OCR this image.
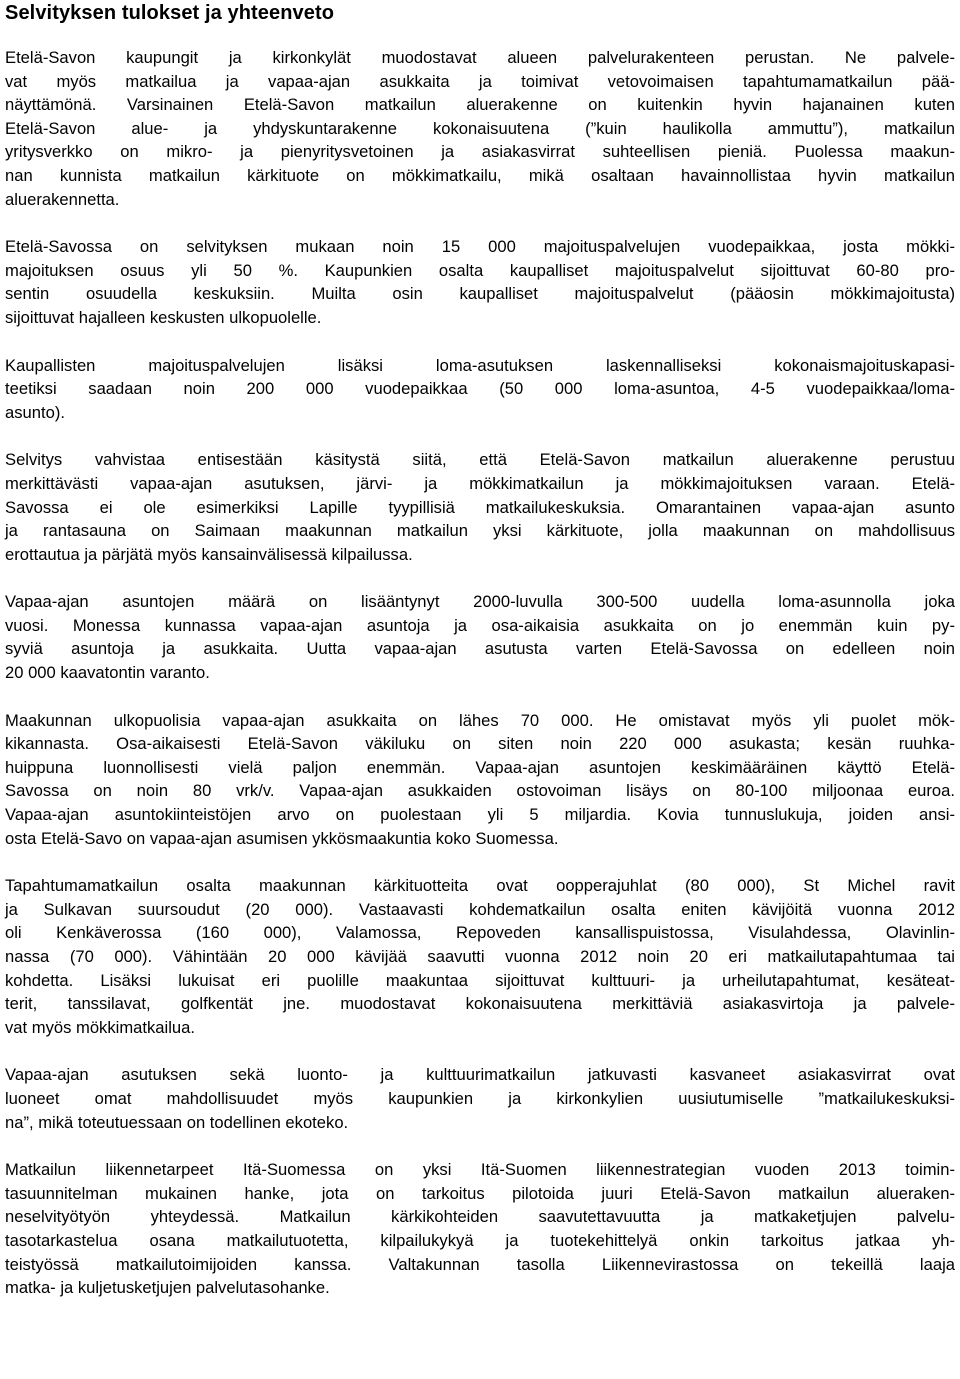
Selvityksen tulokset ja yhteenveto
Etelä-Savon kaupungit ja kirkonkylät muodostavat alueen palvelurakenteen perustan. Ne palvele-
vat myös matkailua ja vapaa-ajan asukkaita ja toimivat vetovoimaisen tapahtumamatkailun pää-
näyttämönä. Varsinainen Etelä-Savon matkailun aluerakenne on kuitenkin hyvin hajanainen kuten
Etelä-Savon alue- ja yhdyskuntarakenne kokonaisuutena (”kuin haulikolla ammuttu”), matkailun
yritysverkko on mikro- ja pienyritysvetoinen ja asiakasvirrat suhteellisen pieniä. Puolessa maakun-
nan kunnista matkailun kärkituote on mökkimatkailu, mikä osaltaan havainnollistaa hyvin matkailun
aluerakennetta.
Etelä-Savossa on selvityksen mukaan noin 15 000 majoituspalvelujen vuodepaikkaa, josta mökki-
majoituksen osuus yli 50 %. Kaupunkien osalta kaupalliset majoituspalvelut sijoittuvat 60-80 pro-
sentin osuudella keskuksiin. Muilta osin kaupalliset majoituspalvelut (pääosin mökkimajoitusta)
sijoittuvat hajalleen keskusten ulkopuolelle.
Kaupallisten majoituspalvelujen lisäksi loma-asutuksen laskennalliseksi kokonaismajoituskapasi-
teetiksi saadaan noin 200 000 vuodepaikkaa (50 000 loma-asuntoa, 4-5 vuodepaikkaa/loma-
asunto).
Selvitys vahvistaa entisestään käsitystä siitä, että Etelä-Savon matkailun aluerakenne perustuu
merkittävästi vapaa-ajan asutuksen, järvi- ja mökkimatkailun ja mökkimajoituksen varaan. Etelä-
Savossa ei ole esimerkiksi Lapille tyypillisiä matkailukeskuksia. Omarantainen vapaa-ajan asunto
ja rantasauna on Saimaan maakunnan matkailun yksi kärkituote, jolla maakunnan on mahdollisuus
erottautua ja pärjätä myös kansainvälisessä kilpailussa.
Vapaa-ajan asuntojen määrä on lisääntynyt 2000-luvulla 300-500 uudella loma-asunnolla joka
vuosi. Monessa kunnassa vapaa-ajan asuntoja ja osa-aikaisia asukkaita on jo enemmän kuin py-
syviä asuntoja ja asukkaita. Uutta vapaa-ajan asutusta varten Etelä-Savossa on edelleen noin
20 000 kaavatontin varanto.
Maakunnan ulkopuolisia vapaa-ajan asukkaita on lähes 70 000. He omistavat myös yli puolet mök-
kikannasta. Osa-aikaisesti Etelä-Savon väkiluku on siten noin 220 000 asukasta; kesän ruuhka-
huippuna luonnollisesti vielä paljon enemmän. Vapaa-ajan asuntojen keskimääräinen käyttö Etelä-
Savossa on noin 80 vrk/v. Vapaa-ajan asukkaiden ostovoiman lisäys on 80-100 miljoonaa euroa.
Vapaa-ajan asuntokiinteistöjen arvo on puolestaan yli 5 miljardia. Kovia tunnuslukuja, joiden ansi-
osta Etelä-Savo on vapaa-ajan asumisen ykkösmaakuntia koko Suomessa.
Tapahtumamatkailun osalta maakunnan kärkituotteita ovat oopperajuhlat (80 000), St Michel ravit
ja Sulkavan suursoudut (20 000). Vastaavasti kohdematkailun osalta eniten kävijöitä vuonna 2012
oli Kenkäverossa (160 000), Valamossa, Repoveden kansallispuistossa, Visulahdessa, Olavinlin-
nassa (70 000). Vähintään 20 000 kävijää saavutti vuonna 2012 noin 20 eri matkailutapahtumaa tai
kohdetta. Lisäksi lukuisat eri puolille maakuntaa sijoittuvat kulttuuri- ja urheilutapahtumat, kesäteat-
terit, tanssilavat, golfkentät jne. muodostavat kokonaisuutena merkittäviä asiakasvirtoja ja palvele-
vat myös mökkimatkailua.
Vapaa-ajan asutuksen sekä luonto- ja kulttuurimatkailun jatkuvasti kasvaneet asiakasvirrat ovat
luoneet omat mahdollisuudet myös kaupunkien ja kirkonkylien uusiutumiselle ”matkailukeskuksi-
na”, mikä toteutuessaan on todellinen ekoteko.
Matkailun liikennetarpeet Itä-Suomessa on yksi Itä-Suomen liikennestrategian vuoden 2013 toimin-
tasuunnitelman mukainen hanke, jota on tarkoitus pilotoida juuri Etelä-Savon matkailun alueraken-
neselvityötyön yhteydessä. Matkailun kärkikohteiden saavutettavuutta ja matkaketjujen palvelu-
tasotarkastelua osana matkailutuotetta, kilpailukykyä ja tuotekehittelyä onkin tarkoitus jatkaa yh-
teistyössä matkailutoimijoiden kanssa. Valtakunnan tasolla Liikennevirastossa on tekeillä laaja
matka- ja kuljetusketjujen palvelutasohanke.
